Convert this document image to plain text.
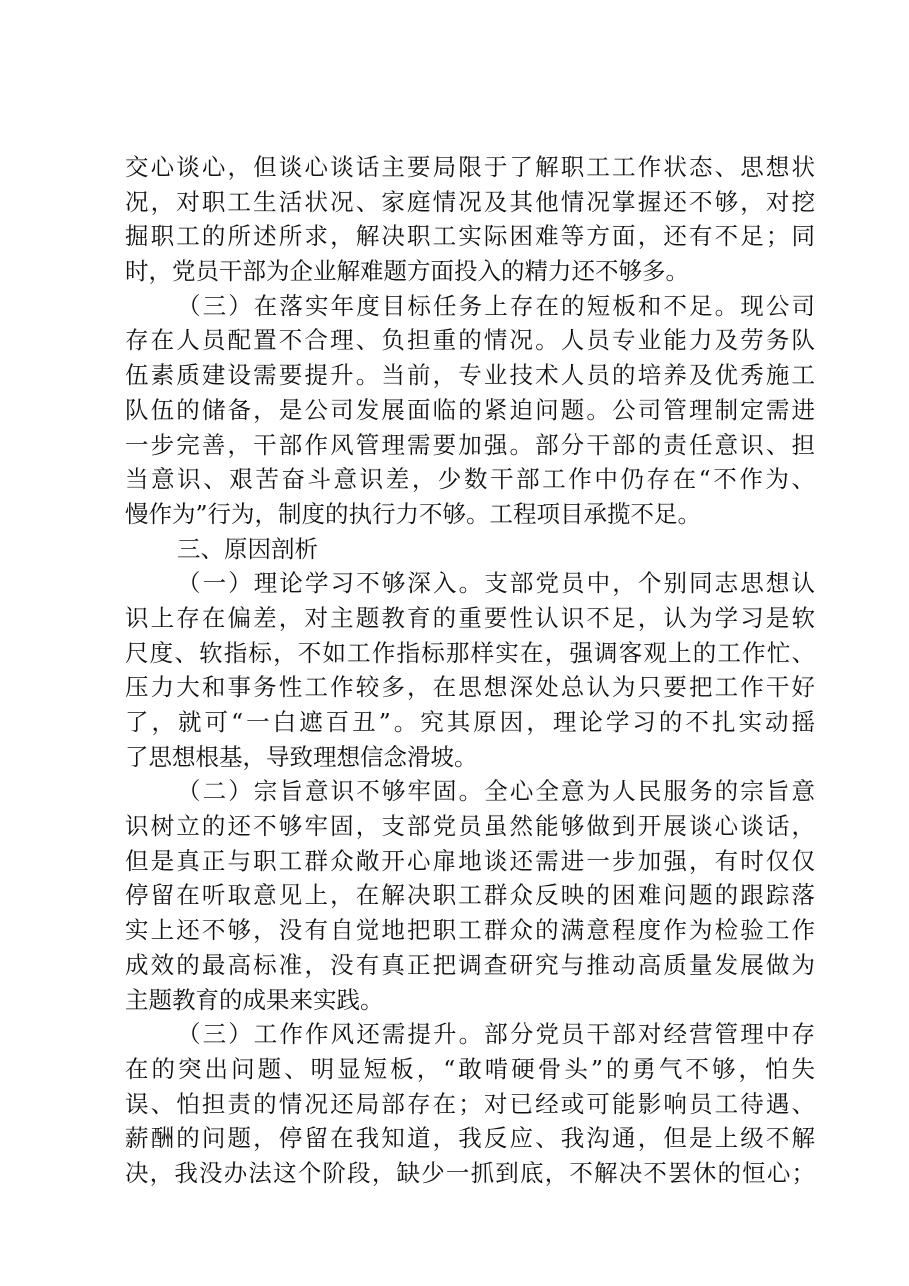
交心谈心，但谈心谈话主要局限于了解职工工作状态、思想状
况，对职工生活状况、家庭情况及其他情况掌握还不够，对挖
掘职工的所述所求，解决职工实际困难等方面，还有不足；同
时，党员干部为企业解难题方面投入的精力还不够多。
（三）在落实年度目标任务上存在的短板和不足。现公司
存在人员配置不合理、负担重的情况。人员专业能力及劳务队
伍素质建设需要提升。当前，专业技术人员的培养及优秀施工
队伍的储备，是公司发展面临的紧迫问题。公司管理制定需进
一步完善，干部作风管理需要加强。部分干部的责任意识、担
当意识、艰苦奋斗意识差，少数干部工作中仍存在“不作为、
慢作为”行为，制度的执行力不够。工程项目承揽不足。
三、原因剖析
（一）理论学习不够深入。支部党员中，个别同志思想认
识上存在偏差，对主题教育的重要性认识不足，认为学习是软
尺度、软指标，不如工作指标那样实在，强调客观上的工作忙、
压力大和事务性工作较多，在思想深处总认为只要把工作干好
了，就可“一白遮百丑”。究其原因，理论学习的不扎实动摇
了思想根基，导致理想信念滑坡。
（二）宗旨意识不够牢固。全心全意为人民服务的宗旨意
识树立的还不够牢固，支部党员虽然能够做到开展谈心谈话，
但是真正与职工群众敞开心扉地谈还需进一步加强，有时仅仅
停留在听取意见上，在解决职工群众反映的困难问题的跟踪落
实上还不够，没有自觉地把职工群众的满意程度作为检验工作
成效的最高标准，没有真正把调查研究与推动高质量发展做为
主题教育的成果来实践。
（三）工作作风还需提升。部分党员干部对经营管理中存
在的突出问题、明显短板，“敢啃硬骨头”的勇气不够，怕失
误、怕担责的情况还局部存在；对已经或可能影响员工待遇、
薪酬的问题，停留在我知道，我反应、我沟通，但是上级不解
决，我没办法这个阶段，缺少一抓到底，不解决不罢休的恒心；
